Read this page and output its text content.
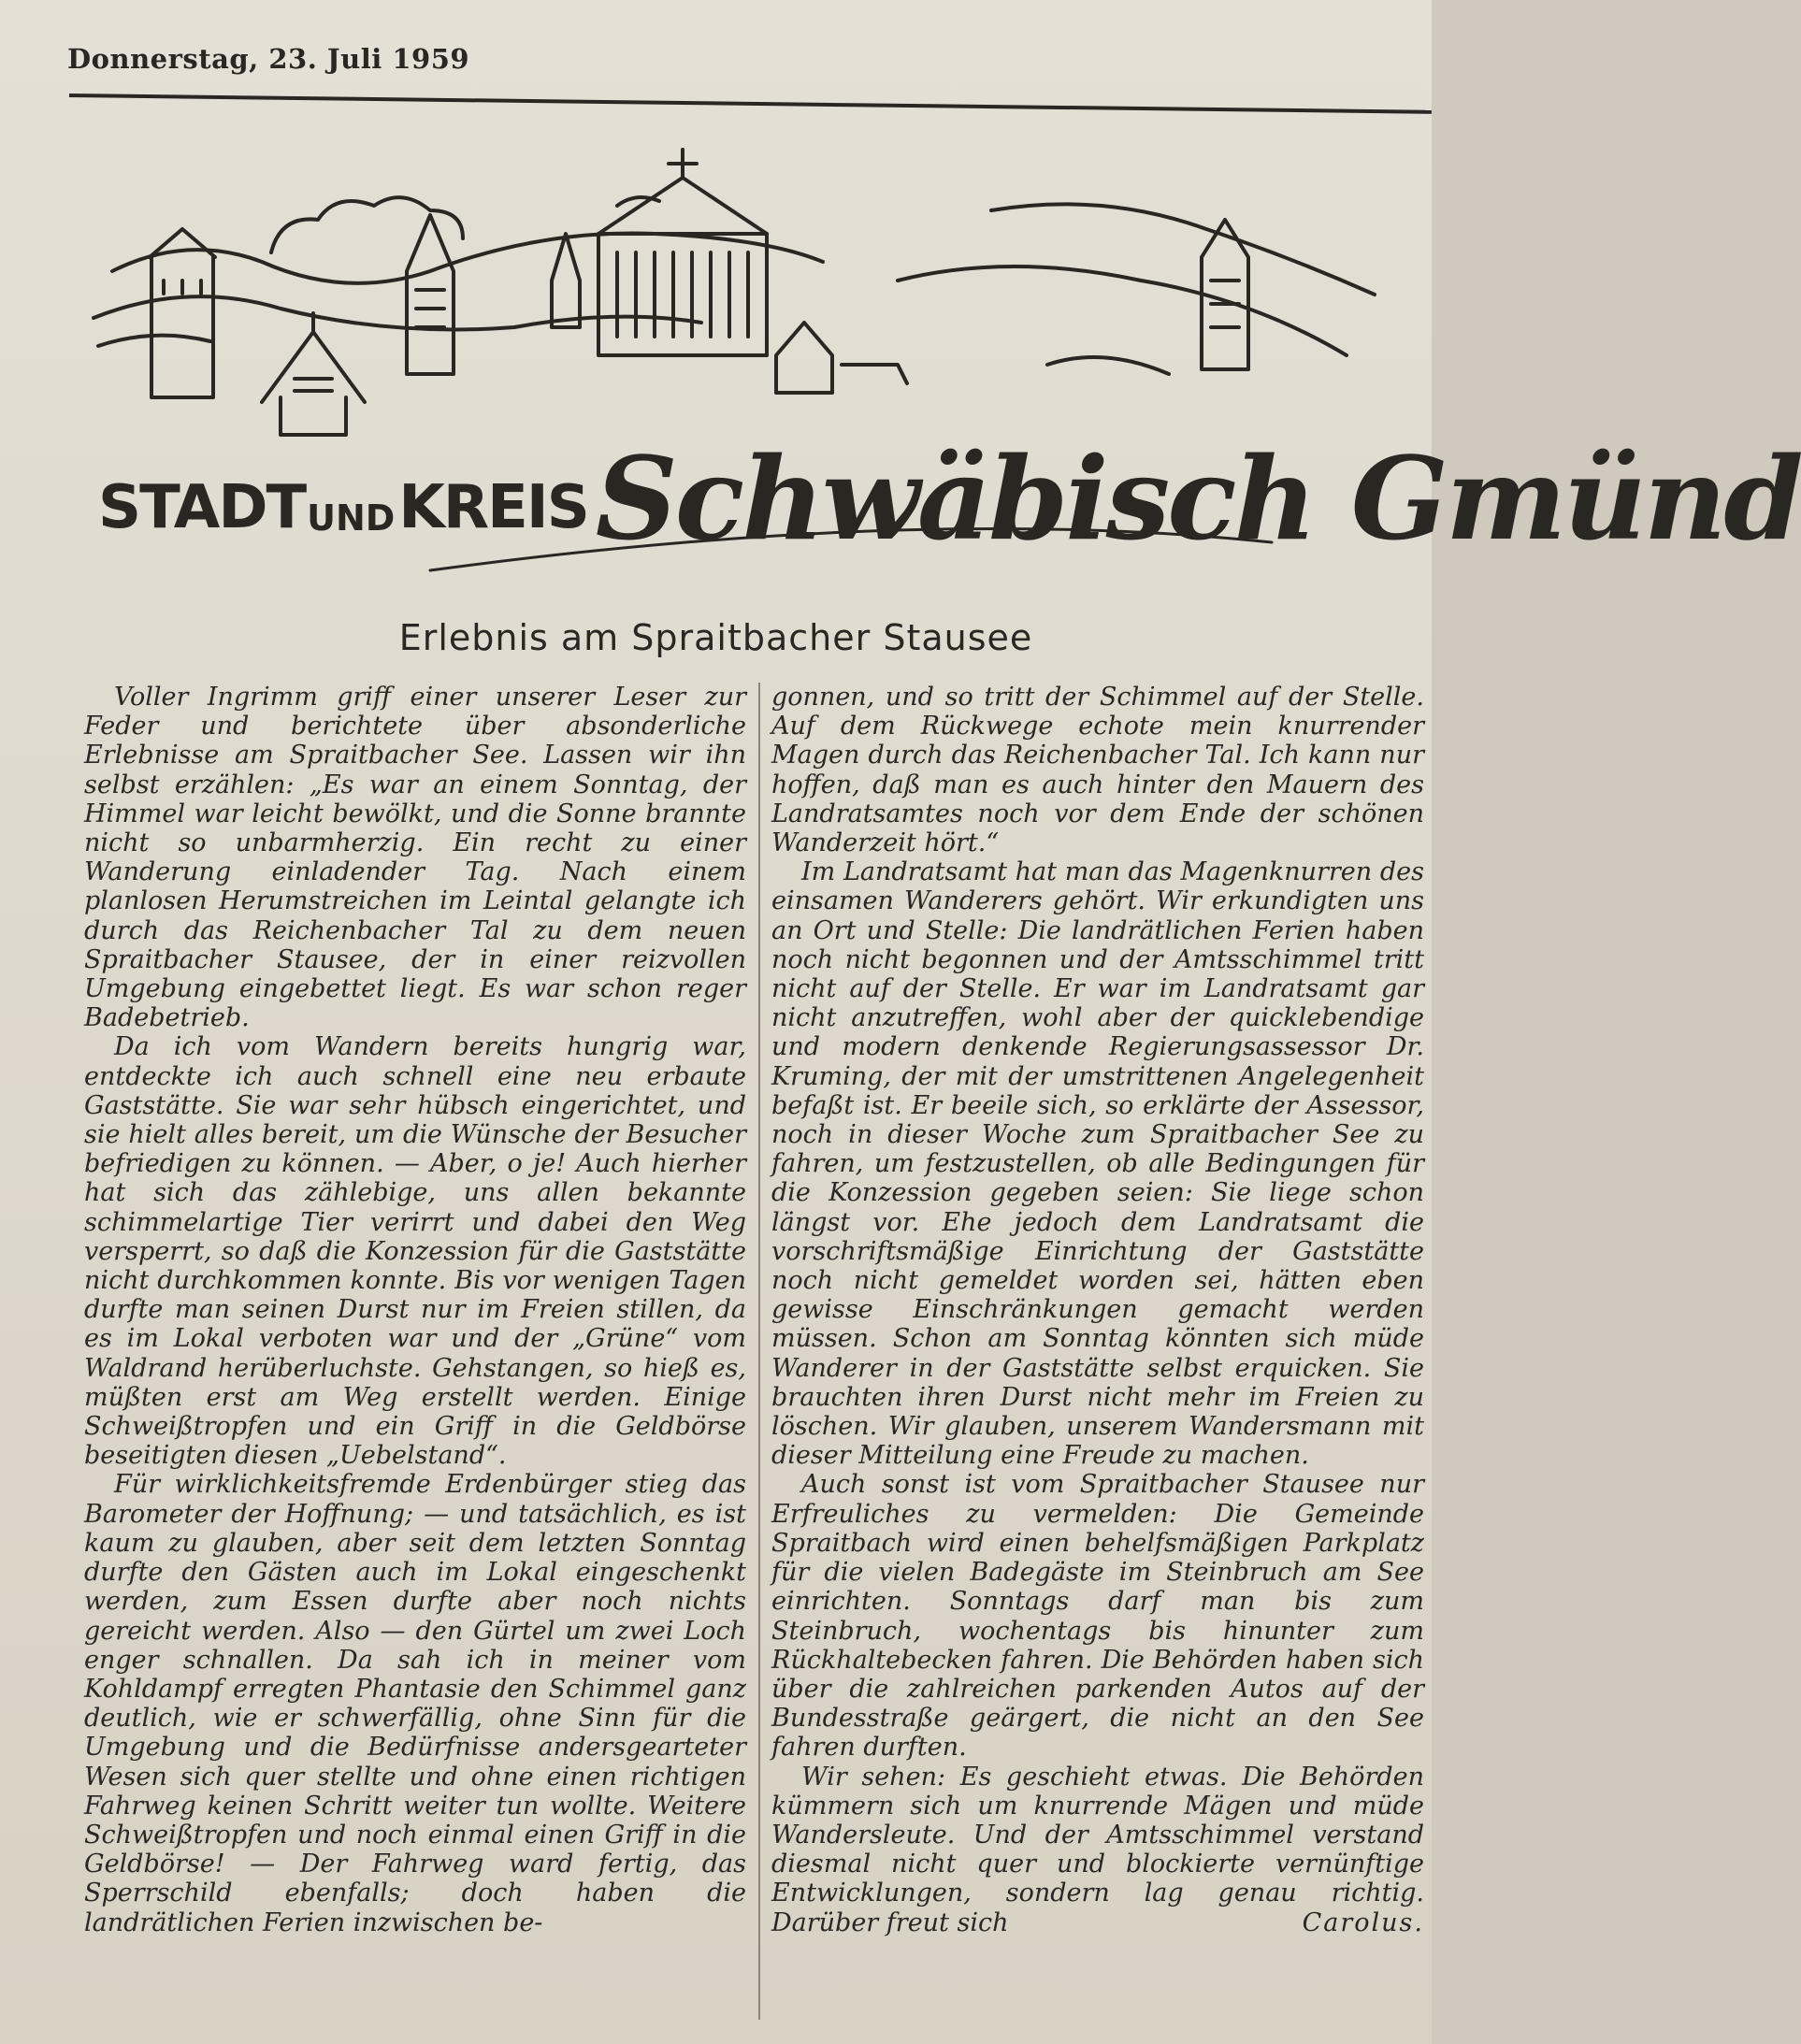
Donnerstag, 23. Juli 1959
STADT UND KREIS Schwäbisch Gmünd
Erlebnis am Spraitbacher Stausee

Voller Ingrimm griff einer unserer Leser zur Feder und berichtete über absonderliche Erlebnisse am Spraitbacher See. Lassen wir ihn selbst erzählen: „Es war an einem Sonntag, der Himmel war leicht bewölkt, und die Sonne brannte nicht so unbarmherzig. Ein recht zu einer Wanderung einladender Tag. Nach einem planlosen Herumstreichen im Leintal gelangte ich durch das Reichenbacher Tal zu dem neuen Spraitbacher Stausee, der in einer reizvollen Umgebung eingebettet liegt. Es war schon reger Badebetrieb.

Da ich vom Wandern bereits hungrig war, entdeckte ich auch schnell eine neu erbaute Gaststätte. Sie war sehr hübsch eingerichtet, und sie hielt alles bereit, um die Wünsche der Besucher befriedigen zu können. — Aber, o je! Auch hierher hat sich das zählebige, uns allen bekannte schimmelartige Tier verirrt und dabei den Weg versperrt, so daß die Konzession für die Gaststätte nicht durchkommen konnte. Bis vor wenigen Tagen durfte man seinen Durst nur im Freien stillen, da es im Lokal verboten war und der „Grüne“ vom Waldrand herüberluchste. Gehstangen, so hieß es, müßten erst am Weg erstellt werden. Einige Schweißtropfen und ein Griff in die Geldbörse beseitigten diesen „Uebelstand“.

Für wirklichkeitsfremde Erdenbürger stieg das Barometer der Hoffnung; — und tatsächlich, es ist kaum zu glauben, aber seit dem letzten Sonntag durfte den Gästen auch im Lokal eingeschenkt werden, zum Essen durfte aber noch nichts gereicht werden. Also — den Gürtel um zwei Loch enger schnallen. Da sah ich in meiner vom Kohldampf erregten Phantasie den Schimmel ganz deutlich, wie er schwerfällig, ohne Sinn für die Umgebung und die Bedürfnisse andersgearteter Wesen sich quer stellte und ohne einen richtigen Fahrweg keinen Schritt weiter tun wollte. Weitere Schweißtropfen und noch einmal einen Griff in die Geldbörse! — Der Fahrweg ward fertig, das Sperrschild ebenfalls; doch haben die landrätlichen Ferien inzwischen be-

gonnen, und so tritt der Schimmel auf der Stelle. Auf dem Rückwege echote mein knurrender Magen durch das Reichenbacher Tal. Ich kann nur hoffen, daß man es auch hinter den Mauern des Landratsamtes noch vor dem Ende der schönen Wanderzeit hört.“

Im Landratsamt hat man das Magenknurren des einsamen Wanderers gehört. Wir erkundigten uns an Ort und Stelle: Die landrätlichen Ferien haben noch nicht begonnen und der Amtsschimmel tritt nicht auf der Stelle. Er war im Landratsamt gar nicht anzutreffen, wohl aber der quicklebendige und modern denkende Regierungsassessor Dr. Kruming, der mit der umstrittenen Angelegenheit befaßt ist. Er beeile sich, so erklärte der Assessor, noch in dieser Woche zum Spraitbacher See zu fahren, um festzustellen, ob alle Bedingungen für die Konzession gegeben seien: Sie liege schon längst vor. Ehe jedoch dem Landratsamt die vorschriftsmäßige Einrichtung der Gaststätte noch nicht gemeldet worden sei, hätten eben gewisse Einschränkungen gemacht werden müssen. Schon am Sonntag könnten sich müde Wanderer in der Gaststätte selbst erquicken. Sie brauchten ihren Durst nicht mehr im Freien zu löschen. Wir glauben, unserem Wandersmann mit dieser Mitteilung eine Freude zu machen.

Auch sonst ist vom Spraitbacher Stausee nur Erfreuliches zu vermelden: Die Gemeinde Spraitbach wird einen behelfsmäßigen Parkplatz für die vielen Badegäste im Steinbruch am See einrichten. Sonntags darf man bis zum Steinbruch, wochentags bis hinunter zum Rückhaltebecken fahren. Die Behörden haben sich über die zahlreichen parkenden Autos auf der Bundesstraße geärgert, die nicht an den See fahren durften.

Wir sehen: Es geschieht etwas. Die Behörden kümmern sich um knurrende Mägen und müde Wandersleute. Und der Amtsschimmel verstand diesmal nicht quer und blockierte vernünftige Entwicklungen, sondern lag genau richtig. Darüber freut sich	Carolus.
